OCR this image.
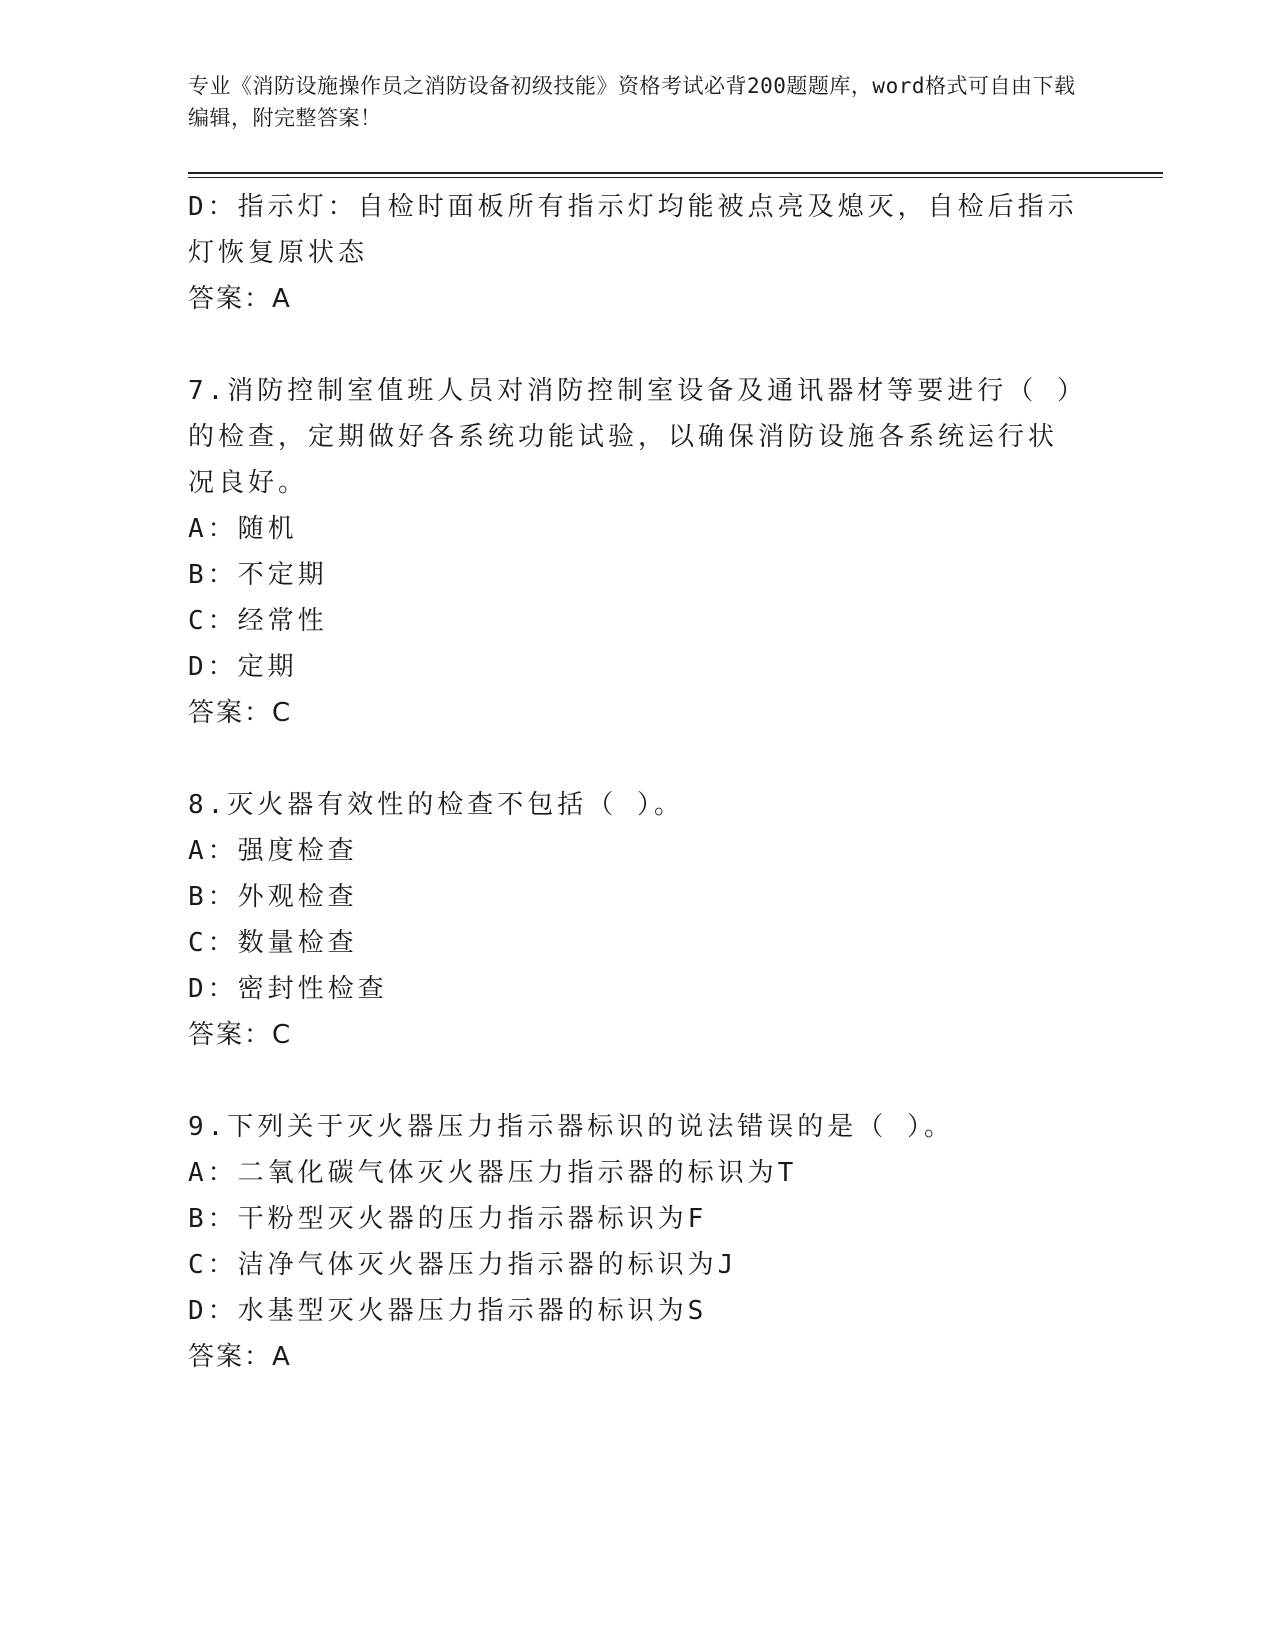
专业《消防设施操作员之消防设备初级技能》资格考试必背200题题库，word格式可自由下载编辑，附完整答案！

D：指示灯：自检时面板所有指示灯均能被点亮及熄灭，自检后指示灯恢复原状态

答案：A

7.消防控制室值班人员对消防控制室设备及通讯器材等要进行（ ）的检查，定期做好各系统功能试验，以确保消防设施各系统运行状况良好。

A：随机

B：不定期

C：经常性

D：定期

答案：C

8.灭火器有效性的检查不包括（ ）。

A：强度检查

B：外观检查

C：数量检查

D：密封性检查

答案：C

9.下列关于灭火器压力指示器标识的说法错误的是（ ）。

A：二氧化碳气体灭火器压力指示器的标识为T

B：干粉型灭火器的压力指示器标识为F

C：洁净气体灭火器压力指示器的标识为J

D：水基型灭火器压力指示器的标识为S

答案：A
